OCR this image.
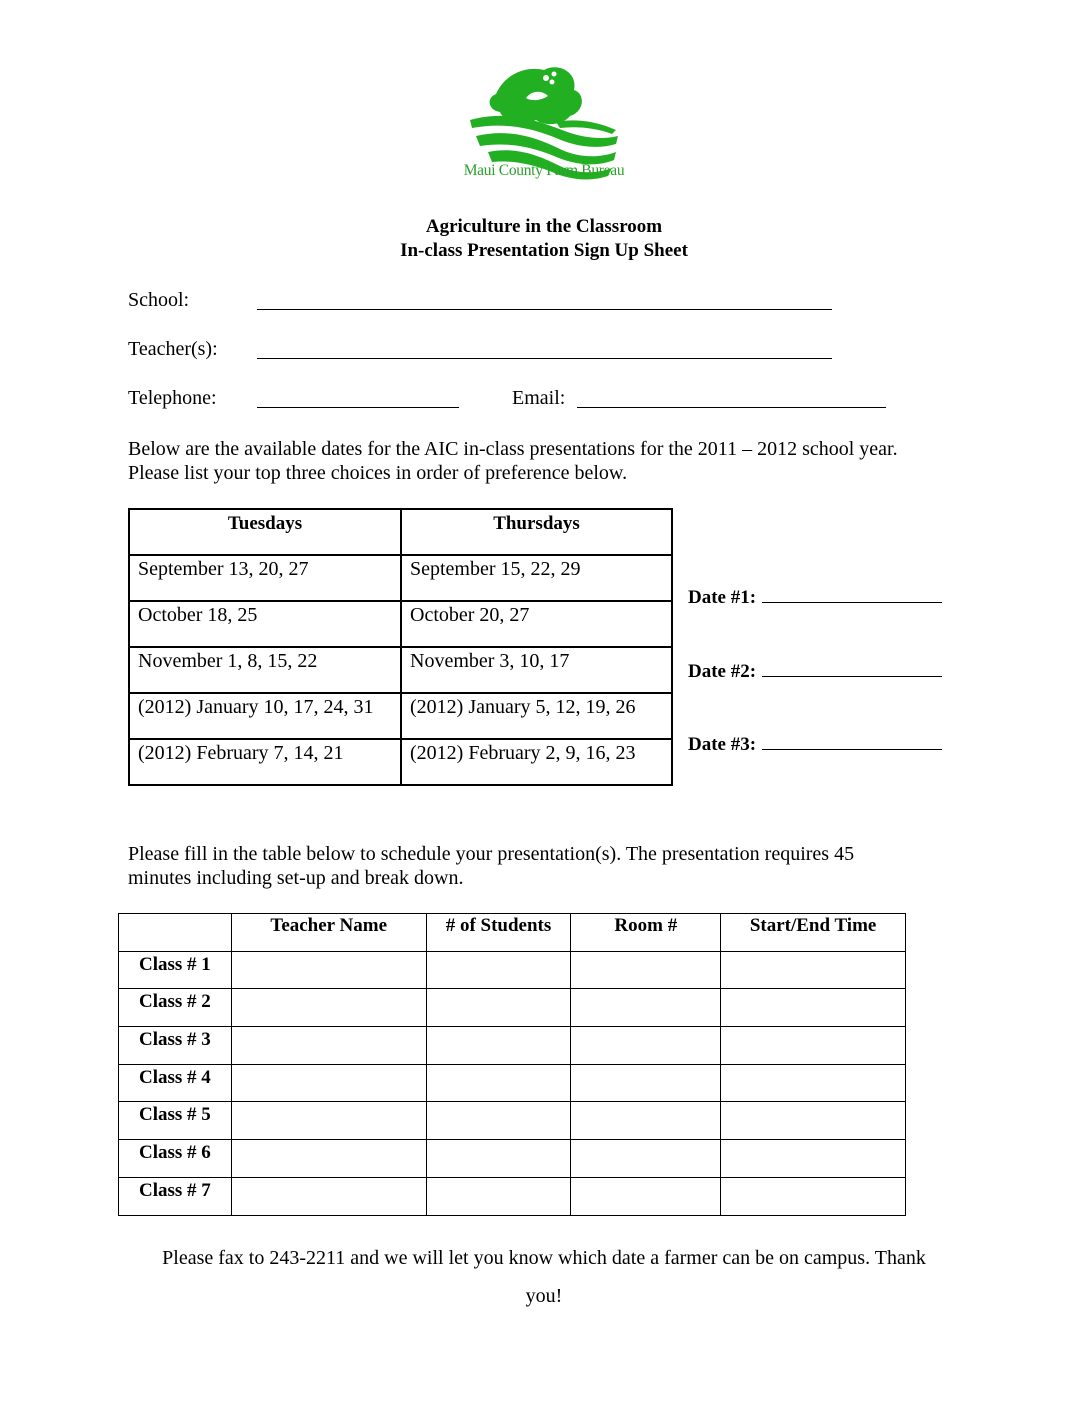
Maui County Farm Bureau
Agriculture in the Classroom
In-class Presentation Sign Up Sheet
School:
Teacher(s):
Telephone:	Email:
Below are the available dates for the AIC in-class presentations for the 2011 – 2012 school year.
Please list your top three choices in order of preference below.
Tuesdays	Thursdays
September 13, 20, 27	September 15, 22, 29
October 18, 25	October 20, 27
November 1, 8, 15, 22	November 3, 10, 17
(2012) January 10, 17, 24, 31	(2012) January 5, 12, 19, 26
(2012) February 7, 14, 21	(2012) February 2, 9, 16, 23
Date #1:
Date #2:
Date #3:
Please fill in the table below to schedule your presentation(s). The presentation requires 45
minutes including set-up and break down.
	Teacher Name	# of Students	Room #	Start/End Time
Class # 1				
Class # 2				
Class # 3				
Class # 4				
Class # 5				
Class # 6				
Class # 7				
Please fax to 243-2211 and we will let you know which date a farmer can be on campus. Thank
you!
